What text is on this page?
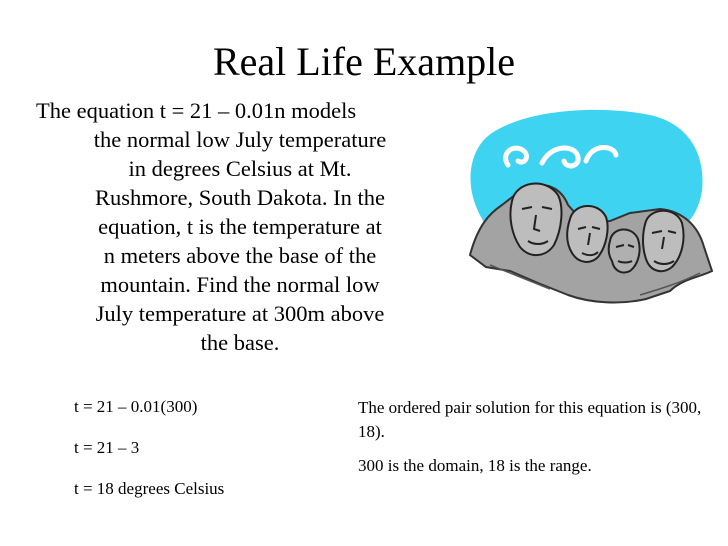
Real Life Example
The equation t = 21 – 0.01n models
the normal low July temperature
in degrees Celsius at Mt.
Rushmore, South Dakota. In the
equation, t is the temperature at
n meters above the base of the
mountain. Find the normal low
July temperature at 300m above
the base.
t = 21 – 0.01(300)
t = 21 – 3
t = 18 degrees Celsius
The ordered pair solution for this equation is (300, 18).
300 is the domain, 18 is the range.
